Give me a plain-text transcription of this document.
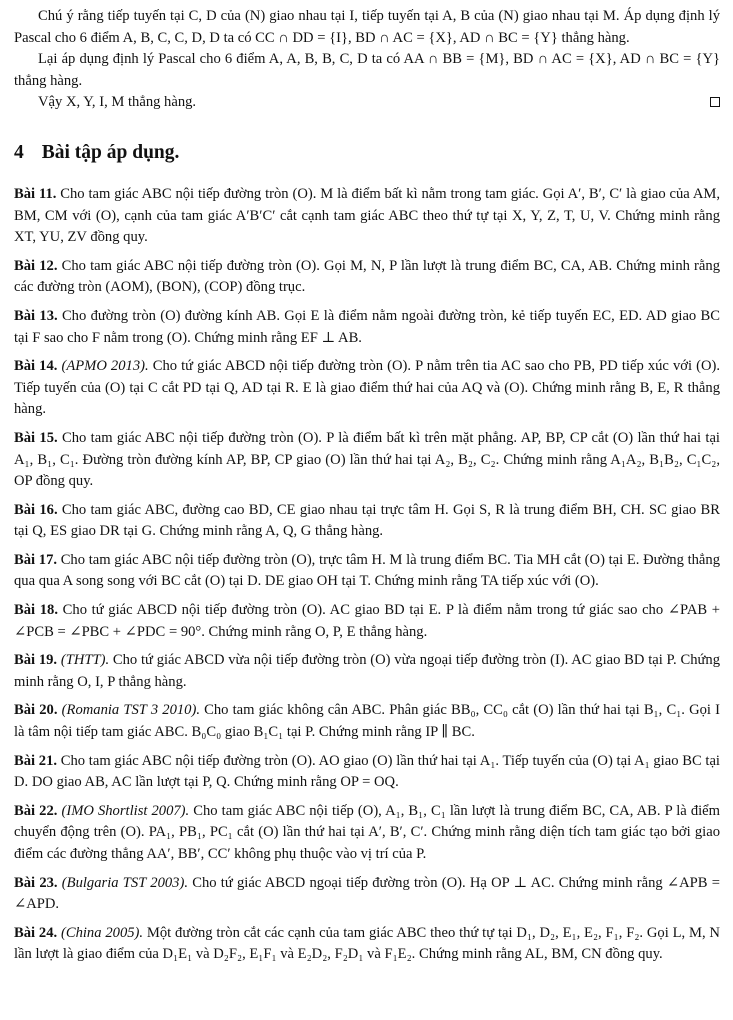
Chú ý rằng tiếp tuyến tại C, D của (N) giao nhau tại I, tiếp tuyến tại A, B của (N) giao nhau tại M. Áp dụng định lý Pascal cho 6 điểm A, B, C, C, D, D ta có CC ∩ DD = {I}, BD ∩ AC = {X}, AD ∩ BC = {Y} thẳng hàng.

Lại áp dụng định lý Pascal cho 6 điểm A, A, B, B, C, D ta có AA ∩ BB = {M}, BD ∩ AC = {X}, AD ∩ BC = {Y} thẳng hàng.

Vậy X, Y, I, M thẳng hàng.

4 Bài tập áp dụng.

Bài 11. Cho tam giác ABC nội tiếp đường tròn (O). M là điểm bất kì nằm trong tam giác. Gọi A′, B′, C′ là giao của AM, BM, CM với (O), cạnh của tam giác A′B′C′ cắt cạnh tam giác ABC theo thứ tự tại X, Y, Z, T, U, V. Chứng minh rằng XT, YU, ZV đồng quy.

Bài 12. Cho tam giác ABC nội tiếp đường tròn (O). Gọi M, N, P lần lượt là trung điểm BC, CA, AB. Chứng minh rằng các đường tròn (AOM), (BON), (COP) đồng trục.

Bài 13. Cho đường tròn (O) đường kính AB. Gọi E là điểm nằm ngoài đường tròn, kẻ tiếp tuyến EC, ED. AD giao BC tại F sao cho F nằm trong (O). Chứng minh rằng EF ⊥ AB.

Bài 14. (APMO 2013). Cho tứ giác ABCD nội tiếp đường tròn (O). P nằm trên tia AC sao cho PB, PD tiếp xúc với (O). Tiếp tuyến của (O) tại C cắt PD tại Q, AD tại R. E là giao điểm thứ hai của AQ và (O). Chứng minh rằng B, E, R thẳng hàng.

Bài 15. Cho tam giác ABC nội tiếp đường tròn (O). P là điểm bất kì trên mặt phẳng. AP, BP, CP cắt (O) lần thứ hai tại A₁, B₁, C₁. Đường tròn đường kính AP, BP, CP giao (O) lần thứ hai tại A₂, B₂, C₂. Chứng minh rằng A₁A₂, B₁B₂, C₁C₂, OP đồng quy.

Bài 16. Cho tam giác ABC, đường cao BD, CE giao nhau tại trực tâm H. Gọi S, R là trung điểm BH, CH. SC giao BR tại Q, ES giao DR tại G. Chứng minh rằng A, Q, G thẳng hàng.

Bài 17. Cho tam giác ABC nội tiếp đường tròn (O), trực tâm H. M là trung điểm BC. Tia MH cắt (O) tại E. Đường thẳng qua qua A song song với BC cắt (O) tại D. DE giao OH tại T. Chứng minh rằng TA tiếp xúc với (O).

Bài 18. Cho tứ giác ABCD nội tiếp đường tròn (O). AC giao BD tại E. P là điểm nằm trong tứ giác sao cho ∠PAB + ∠PCB = ∠PBC + ∠PDC = 90°. Chứng minh rằng O, P, E thẳng hàng.

Bài 19. (THTT). Cho tứ giác ABCD vừa nội tiếp đường tròn (O) vừa ngoại tiếp đường tròn (I). AC giao BD tại P. Chứng minh rằng O, I, P thẳng hàng.

Bài 20. (Romania TST 3 2010). Cho tam giác không cân ABC. Phân giác BB₀, CC₀ cắt (O) lần thứ hai tại B₁, C₁. Gọi I là tâm nội tiếp tam giác ABC. B₀C₀ giao B₁C₁ tại P. Chứng minh rằng IP ∥ BC.

Bài 21. Cho tam giác ABC nội tiếp đường tròn (O). AO giao (O) lần thứ hai tại A₁. Tiếp tuyến của (O) tại A₁ giao BC tại D. DO giao AB, AC lần lượt tại P, Q. Chứng minh rằng OP = OQ.

Bài 22. (IMO Shortlist 2007). Cho tam giác ABC nội tiếp (O), A₁, B₁, C₁ lần lượt là trung điểm BC, CA, AB. P là điểm chuyển động trên (O). PA₁, PB₁, PC₁ cắt (O) lần thứ hai tại A′, B′, C′. Chứng minh rằng diện tích tam giác tạo bởi giao điểm các đường thẳng AA′, BB′, CC′ không phụ thuộc vào vị trí của P.

Bài 23. (Bulgaria TST 2003). Cho tứ giác ABCD ngoại tiếp đường tròn (O). Hạ OP ⊥ AC. Chứng minh rằng ∠APB = ∠APD.

Bài 24. (China 2005). Một đường tròn cắt các cạnh của tam giác ABC theo thứ tự tại D₁, D₂, E₁, E₂, F₁, F₂. Gọi L, M, N lần lượt là giao điểm của D₁E₁ và D₂F₂, E₁F₁ và E₂D₂, F₂D₁ và F₁E₂. Chứng minh rằng AL, BM, CN đồng quy.
